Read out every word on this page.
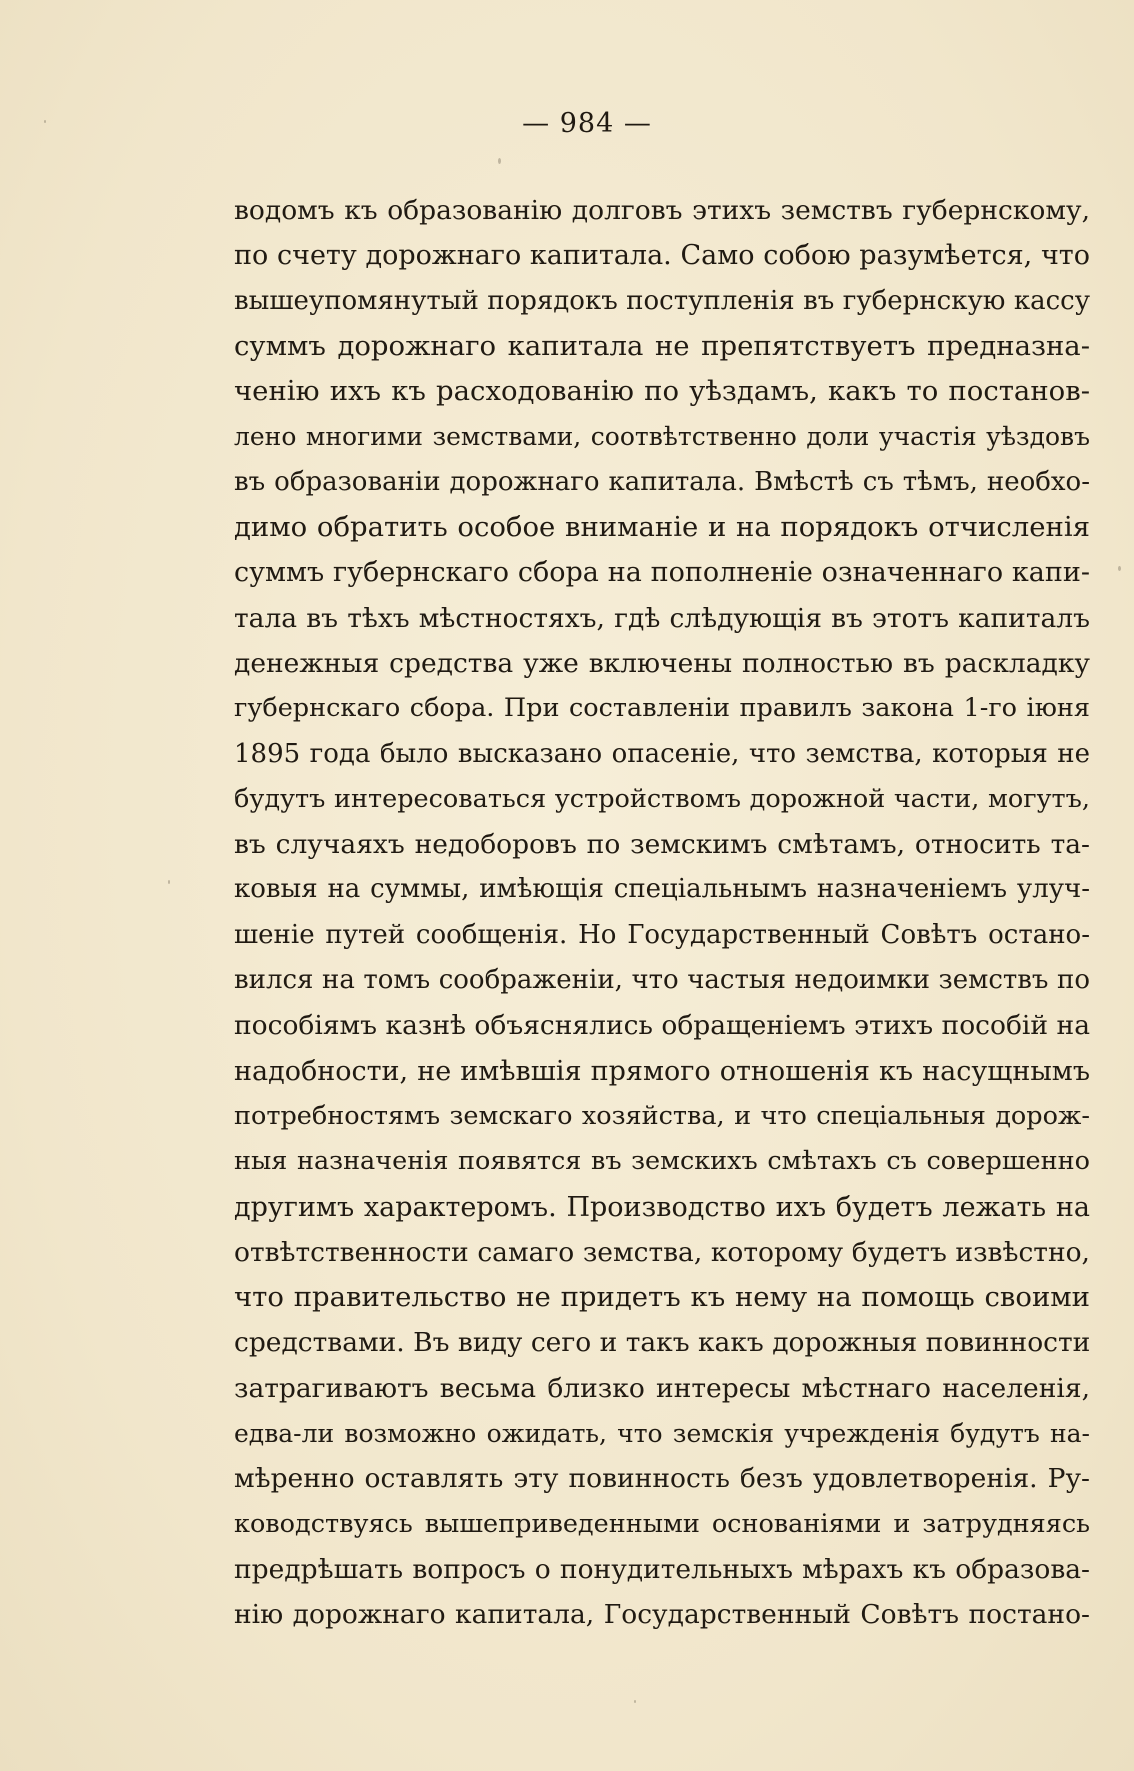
— 984 —
водомъ къ образованію долговъ этихъ земствъ губернскому,
по счету дорожнаго капитала. Само собою разумѣется, что
вышеупомянутый порядокъ поступленія въ губернскую кассу
суммъ дорожнаго капитала не препятствуетъ предназна-
ченію ихъ къ расходованію по уѣздамъ, какъ то постанов-
лено многими земствами, соотвѣтственно доли участія уѣздовъ
въ образованіи дорожнаго капитала. Вмѣстѣ съ тѣмъ, необхо-
димо обратить особое вниманіе и на порядокъ отчисленія
суммъ губернскаго сбора на пополненіе означеннаго капи-
тала въ тѣхъ мѣстностяхъ, гдѣ слѣдующія въ этотъ капиталъ
денежныя средства уже включены полностью въ раскладку
губернскаго сбора. При составленіи правилъ закона 1-го іюня
1895 года было высказано опасеніе, что земства, которыя не
будутъ интересоваться устройствомъ дорожной части, могутъ,
въ случаяхъ недоборовъ по земскимъ смѣтамъ, относить та-
ковыя на суммы, имѣющія спеціальнымъ назначеніемъ улуч-
шеніе путей сообщенія. Но Государственный Совѣтъ остано-
вился на томъ соображеніи, что частыя недоимки земствъ по
пособіямъ казнѣ объяснялись обращеніемъ этихъ пособій на
надобности, не имѣвшія прямого отношенія къ насущнымъ
потребностямъ земскаго хозяйства, и что спеціальныя дорож-
ныя назначенія появятся въ земскихъ смѣтахъ съ совершенно
другимъ характеромъ. Производство ихъ будетъ лежать на
отвѣтственности самаго земства, которому будетъ извѣстно,
что правительство не придетъ къ нему на помощь своими
средствами. Въ виду сего и такъ какъ дорожныя повинности
затрагиваютъ весьма близко интересы мѣстнаго населенія,
едва-ли возможно ожидать, что земскія учрежденія будутъ на-
мѣренно оставлять эту повинность безъ удовлетворенія. Ру-
ководствуясь вышеприведенными основаніями и затрудняясь
предрѣшать вопросъ о понудительныхъ мѣрахъ къ образова-
нію дорожнаго капитала, Государственный Совѣтъ постано-
